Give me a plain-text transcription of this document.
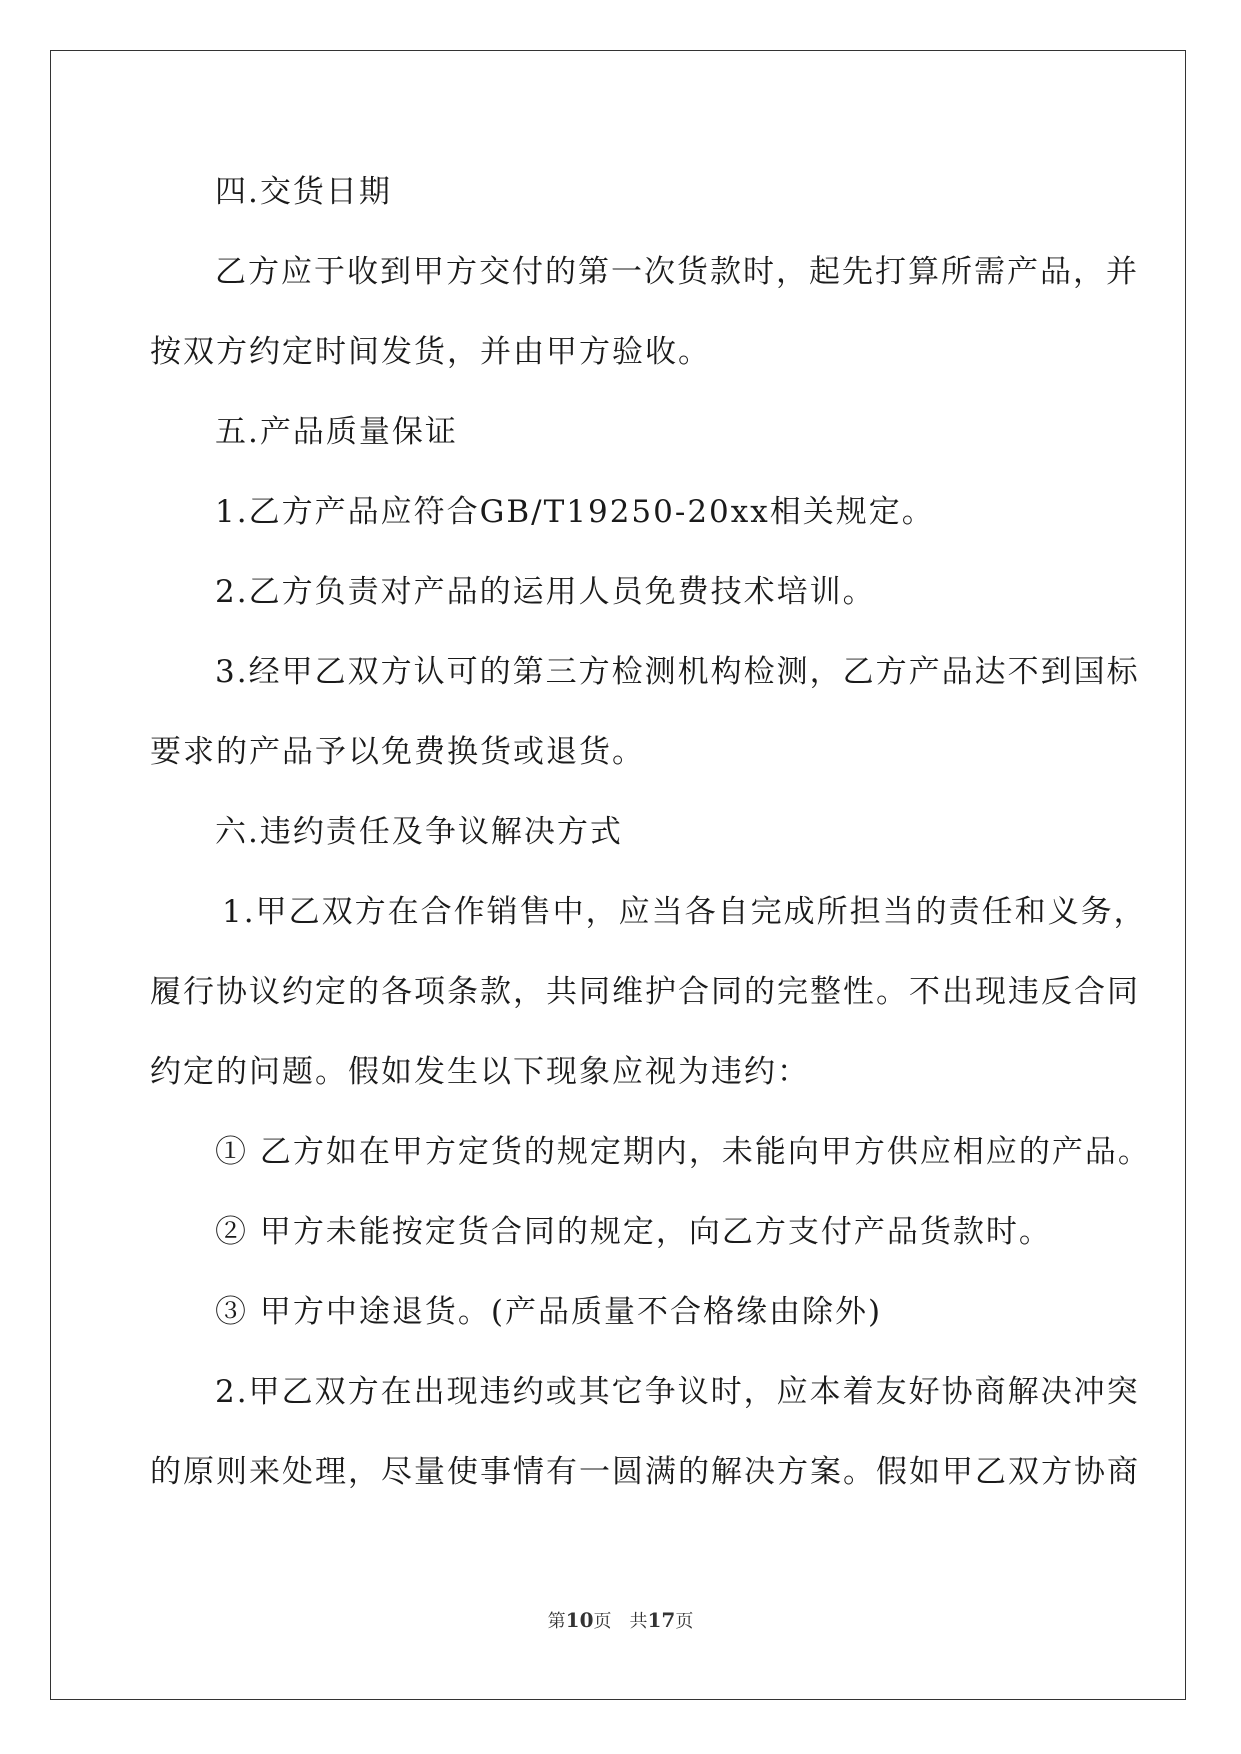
四.交货日期
乙方应于收到甲方交付的第一次货款时，起先打算所需产品，并
按双方约定时间发货，并由甲方验收。
五.产品质量保证
1.乙方产品应符合GB/T19250-20xx相关规定。
2.乙方负责对产品的运用人员免费技术培训。
3.经甲乙双方认可的第三方检测机构检测，乙方产品达不到国标
要求的产品予以免费换货或退货。
六.违约责任及争议解决方式
1.甲乙双方在合作销售中，应当各自完成所担当的责任和义务，
履行协议约定的各项条款，共同维护合同的完整性。不出现违反合同
约定的问题。假如发生以下现象应视为违约：
① 乙方如在甲方定货的规定期内，未能向甲方供应相应的产品。
② 甲方未能按定货合同的规定，向乙方支付产品货款时。
③ 甲方中途退货。(产品质量不合格缘由除外)
2.甲乙双方在出现违约或其它争议时，应本着友好协商解决冲突
的原则来处理，尽量使事情有一圆满的解决方案。假如甲乙双方协商
第10页　共17页
